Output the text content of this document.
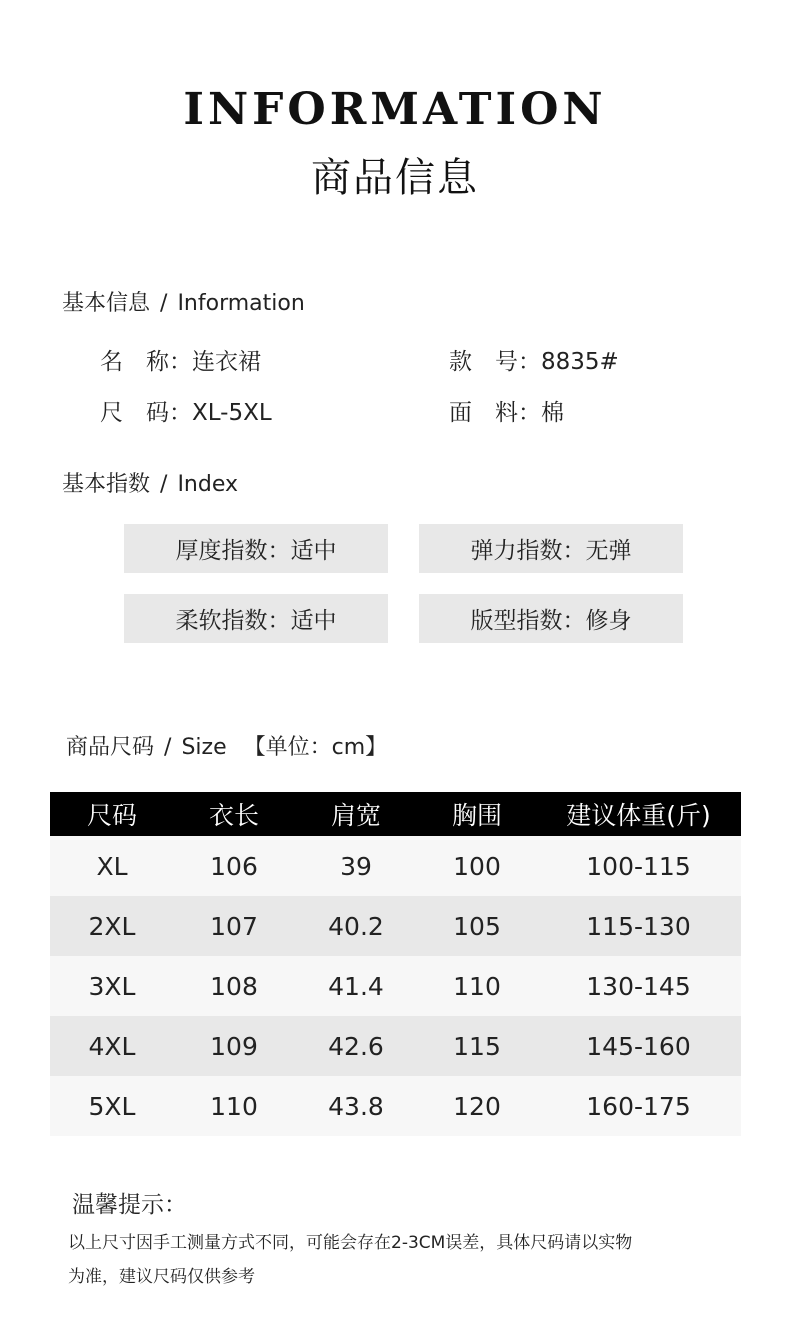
INFORMATION
商品信息
基本信息 / Information
名　称：连衣裙	款　号：8835#
尺　码：XL-5XL	面　料：棉
基本指数 / Index
厚度指数：适中	弹力指数：无弹
柔软指数：适中	版型指数：修身
商品尺码 / Size 【单位：cm】
尺码	衣长	肩宽	胸围	建议体重(斤)
XL	106	39	100	100-115
2XL	107	40.2	105	115-130
3XL	108	41.4	110	130-145
4XL	109	42.6	115	145-160
5XL	110	43.8	120	160-175
温馨提示：
以上尺寸因手工测量方式不同，可能会存在2-3CM误差，具体尺码请以实物
为准，建议尺码仅供参考
